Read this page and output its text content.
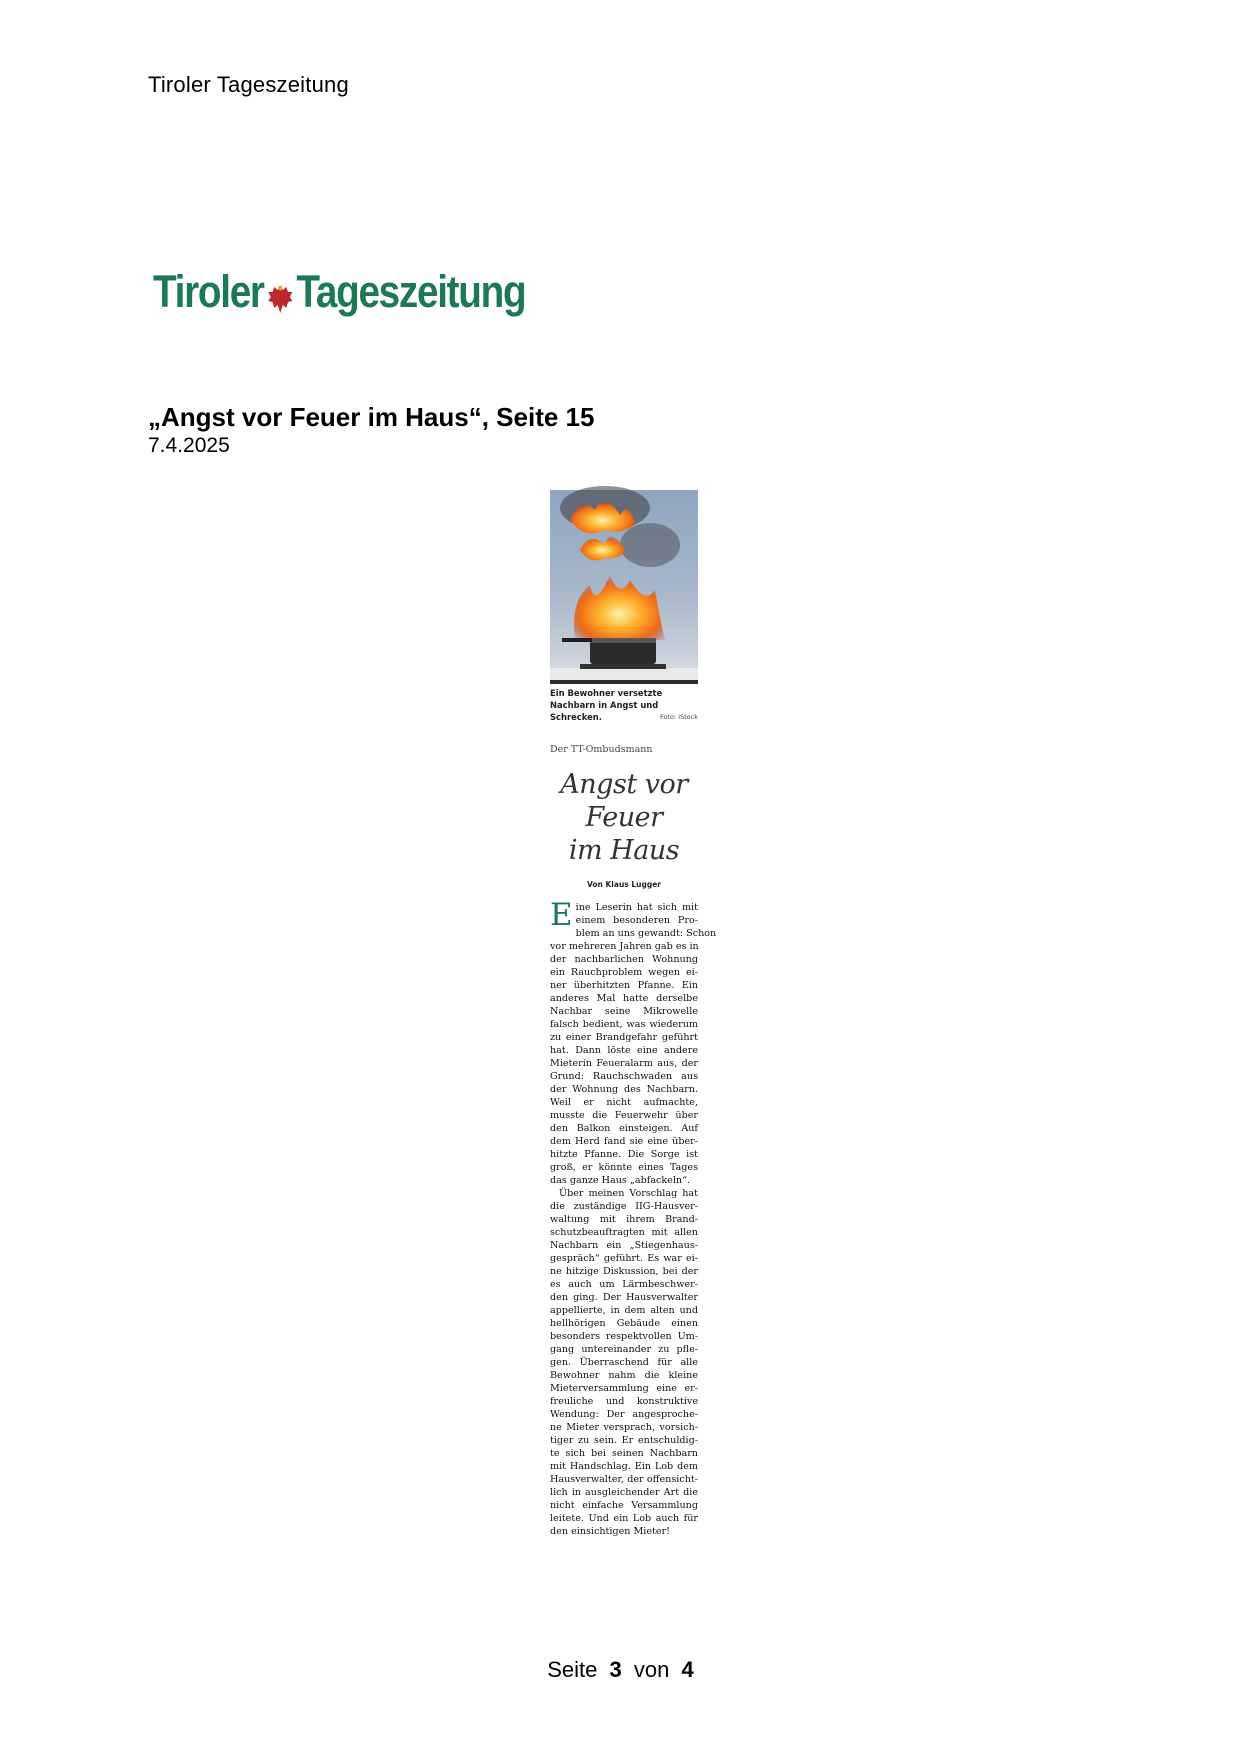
Tiroler Tageszeitung
Tiroler Tageszeitung
„Angst vor Feuer im Haus“, Seite 15
7.4.2025
Ein Bewohner versetzte Nachbarn in Angst und Schrecken.	Foto: iStock
Der TT-Ombudsmann
Angst vor
Feuer
im Haus
Von Klaus Lugger

E ine Leserin hat sich mit
einem besonderen Pro-
blem an uns gewandt: Schon
vor mehreren Jahren gab es in
der nachbarlichen Wohnung
ein Rauchproblem wegen ei-
ner überhitzten Pfanne. Ein
anderes Mal hatte derselbe
Nachbar seine Mikrowelle
falsch bedient, was wiederum
zu einer Brandgefahr geführt
hat. Dann löste eine andere
Mieterin Feueralarm aus, der
Grund: Rauchschwaden aus
der Wohnung des Nachbarn.
Weil er nicht aufmachte,
musste die Feuerwehr über
den Balkon einsteigen. Auf
dem Herd fand sie eine über-
hitzte Pfanne. Die Sorge ist
groß, er könnte eines Tages
das ganze Haus „abfackeln“.

Über meinen Vorschlag hat
die zuständige IIG-Hausver-
waltung mit ihrem Brand-
schutzbeauftragten mit allen
Nachbarn ein „Stiegenhaus-
gespräch“ geführt. Es war ei-
ne hitzige Diskussion, bei der
es auch um Lärmbeschwer-
den ging. Der Hausverwalter
appellierte, in dem alten und
hellhörigen Gebäude einen
besonders respektvollen Um-
gang untereinander zu pfle-
gen. Überraschend für alle
Bewohner nahm die kleine
Mieterversammlung eine er-
freuliche und konstruktive
Wendung: Der angesproche-
ne Mieter versprach, vorsich-
tiger zu sein. Er entschuldig-
te sich bei seinen Nachbarn
mit Handschlag. Ein Lob dem
Hausverwalter, der offensicht-
lich in ausgleichender Art die
nicht einfache Versammlung
leitete. Und ein Lob auch für
den einsichtigen Mieter!

Seite 3 von 4
